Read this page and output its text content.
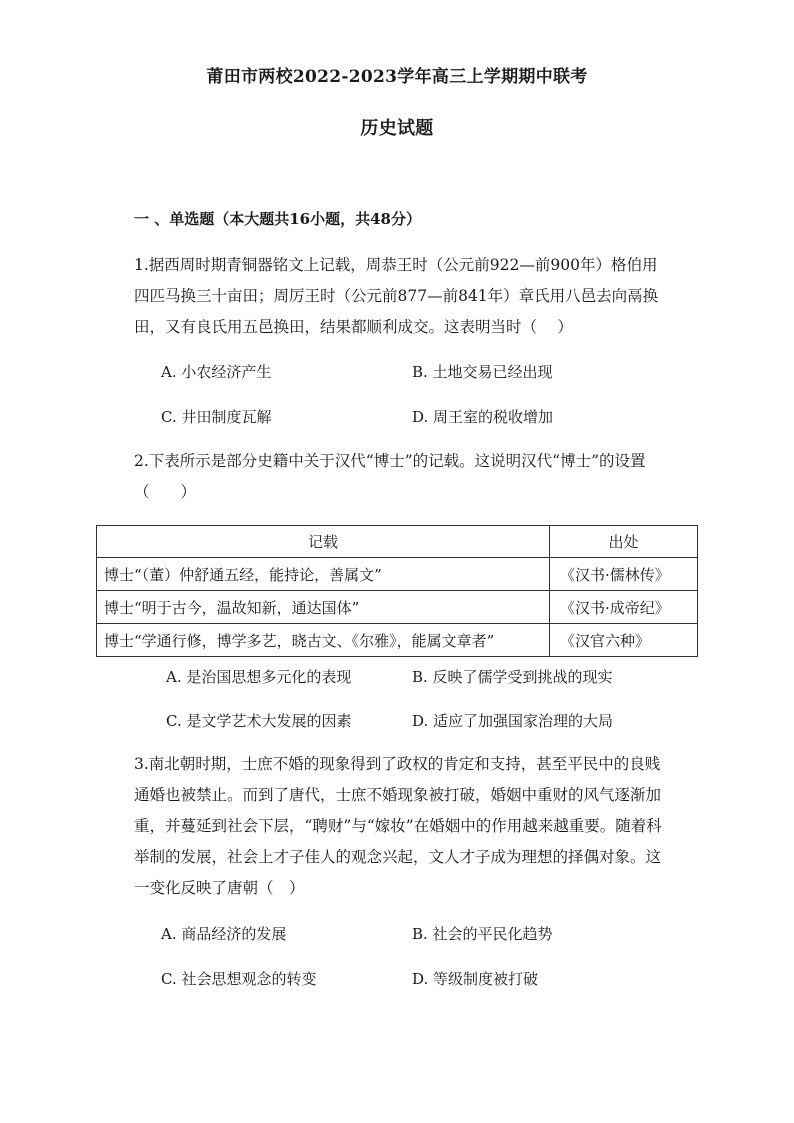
莆田市两校2022-2023学年高三上学期期中联考
历史试题
一 、单选题（本大题共16小题，共48分）
1.据西周时期青铜器铭文上记载，周恭王时（公元前922—前900年）格伯用四匹马换三十亩田；周厉王时（公元前877—前841年）章氏用八邑去向鬲换田，又有良氏用五邑换田，结果都顺利成交。这表明当时（　 ）
A. 小农经济产生	B. 土地交易已经出现
C. 井田制度瓦解	D. 周王室的税收增加
2.下表所示是部分史籍中关于汉代“博士”的记载。这说明汉代“博士”的设置（　　）
记载	出处
博士“（董）仲舒通五经，能持论，善属文”	《汉书·儒林传》
博士“明于古今，温故知新，通达国体”	《汉书·成帝纪》
博士“学通行修，博学多艺，晓古文、《尔雅》，能属文章者”	《汉官六种》
A. 是治国思想多元化的表现	B. 反映了儒学受到挑战的现实
C. 是文学艺术大发展的因素	D. 适应了加强国家治理的大局
3.南北朝时期，士庶不婚的现象得到了政权的肯定和支持，甚至平民中的良贱通婚也被禁止。而到了唐代，士庶不婚现象被打破，婚姻中重财的风气逐渐加重，并蔓延到社会下层，“聘财”与“嫁妆”在婚姻中的作用越来越重要。随着科举制的发展，社会上才子佳人的观念兴起，文人才子成为理想的择偶对象。这一变化反映了唐朝（　）
A. 商品经济的发展	B. 社会的平民化趋势
C. 社会思想观念的转变	D. 等级制度被打破
